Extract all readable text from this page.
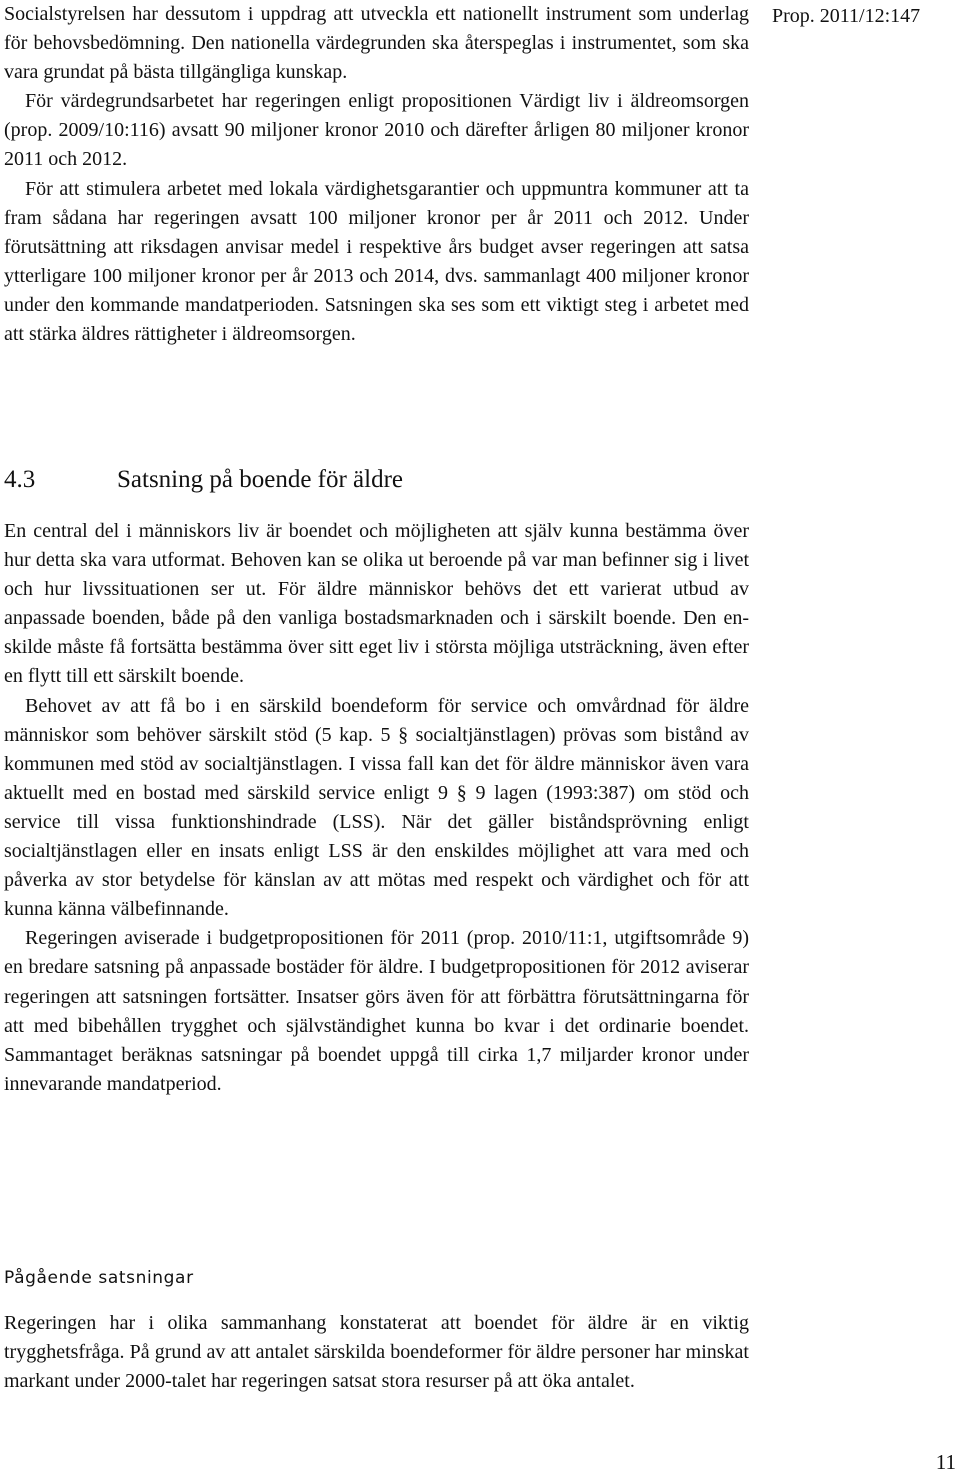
Prop. 2011/12:147

Socialstyrelsen har dessutom i uppdrag att utveckla ett nationellt instrument som underlag för behovsbedömning. Den nationella värdegrunden ska återspeglas i instrumentet, som ska vara grundat på bästa tillgängliga kunskap.

För värdegrundsarbetet har regeringen enligt propositionen Värdigt liv i äldreomsorgen (prop. 2009/10:116) avsatt 90 miljoner kronor 2010 och därefter årligen 80 miljoner kronor 2011 och 2012.

För att stimulera arbetet med lokala värdighetsgarantier och uppmuntra kommuner att ta fram sådana har regeringen avsatt 100 miljoner kronor per år 2011 och 2012. Under förutsättning att riksdagen anvisar medel i respektive års budget avser regeringen att satsa ytterligare 100 miljoner kronor per år 2013 och 2014, dvs. sammanlagt 400 miljoner kronor under den kommande mandatperioden. Satsningen ska ses som ett viktigt steg i arbetet med att stärka äldres rättigheter i äldreomsorgen.

4.3	Satsning på boende för äldre

En central del i människors liv är boendet och möjligheten att själv kunna bestämma över hur detta ska vara utformat. Behoven kan se olika ut beroende på var man befinner sig i livet och hur livssituationen ser ut. För äldre människor behövs det ett varierat utbud av anpassade boenden, både på den vanliga bostadsmarknaden och i särskilt boende. Den enskilde måste få fortsätta bestämma över sitt eget liv i största möjliga utsträckning, även efter en flytt till ett särskilt boende.

Behovet av att få bo i en särskild boendeform för service och omvårdnad för äldre människor som behöver särskilt stöd (5 kap. 5 § socialtjänstlagen) prövas som bistånd av kommunen med stöd av socialtjänstlagen. I vissa fall kan det för äldre människor även vara aktuellt med en bostad med särskild service enligt 9 § 9 lagen (1993:387) om stöd och service till vissa funktionshindrade (LSS). När det gäller biståndsprövning enligt socialtjänstlagen eller en insats enligt LSS är den enskildes möjlighet att vara med och påverka av stor betydelse för känslan av att mötas med respekt och värdighet och för att kunna känna välbefinnande.

Regeringen aviserade i budgetpropositionen för 2011 (prop. 2010/11:1, utgiftsområde 9) en bredare satsning på anpassade bostäder för äldre. I budgetpropositionen för 2012 aviserar regeringen att satsningen fortsätter. Insatser görs även för att förbättra förutsättningarna för att med bibehållen trygghet och självständighet kunna bo kvar i det ordinarie boendet. Sammantaget beräknas satsningar på boendet uppgå till cirka 1,7 miljarder kronor under innevarande mandatperiod.

Pågående satsningar

Regeringen har i olika sammanhang konstaterat att boendet för äldre är en viktig trygghetsfråga. På grund av att antalet särskilda boendeformer för äldre personer har minskat markant under 2000-talet har regeringen satsat stora resurser på att öka antalet.

11
